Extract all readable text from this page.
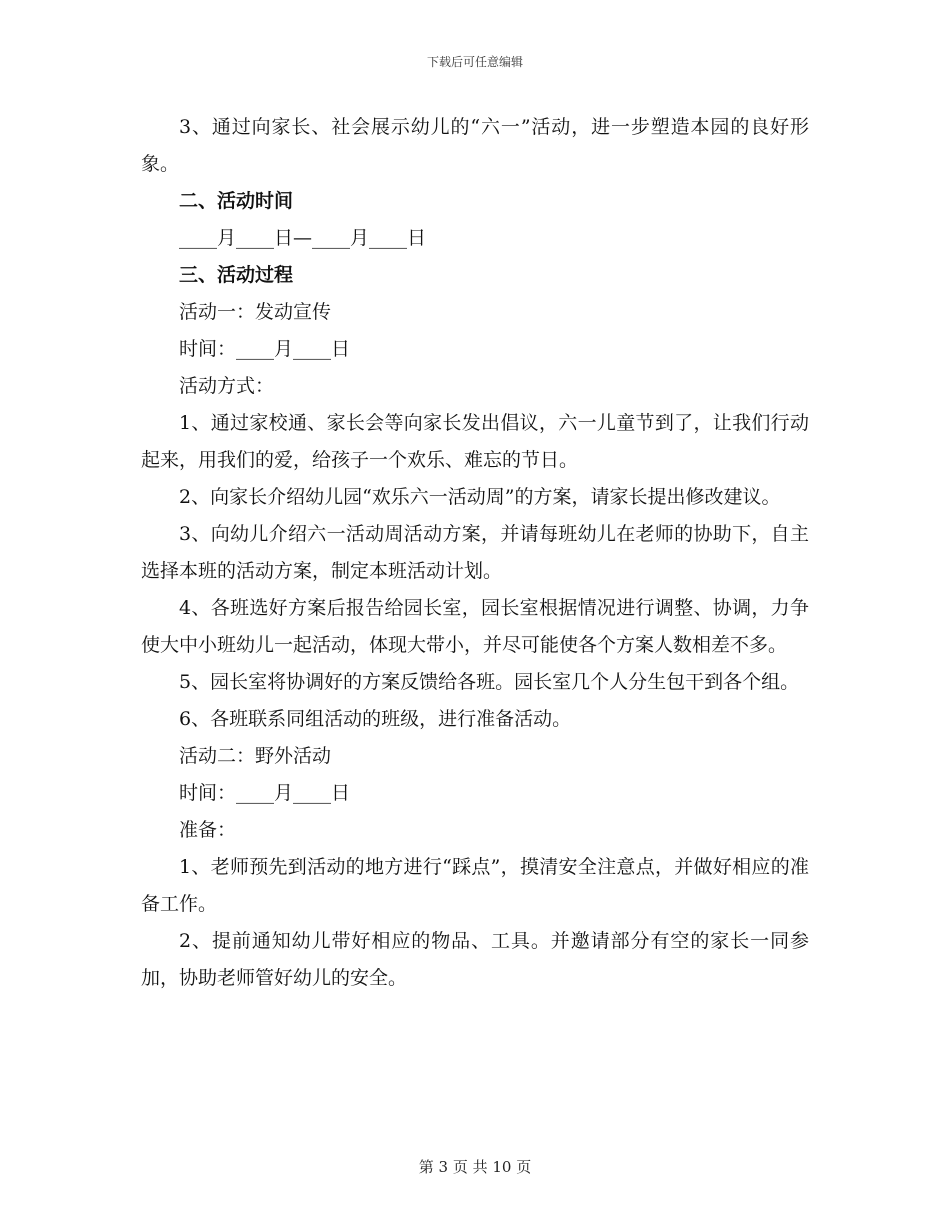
下载后可任意编辑

3、通过向家长、社会展示幼儿的“六一”活动，进一步塑造本园的良好形象。

二、活动时间

____月____日—____月____日

三、活动过程

活动一：发动宣传

时间：____月____日

活动方式：

1、通过家校通、家长会等向家长发出倡议，六一儿童节到了，让我们行动起来，用我们的爱，给孩子一个欢乐、难忘的节日。

2、向家长介绍幼儿园“欢乐六一活动周”的方案，请家长提出修改建议。

3、向幼儿介绍六一活动周活动方案，并请每班幼儿在老师的协助下，自主选择本班的活动方案，制定本班活动计划。

4、各班选好方案后报告给园长室，园长室根据情况进行调整、协调，力争使大中小班幼儿一起活动，体现大带小，并尽可能使各个方案人数相差不多。

5、园长室将协调好的方案反馈给各班。园长室几个人分生包干到各个组。

6、各班联系同组活动的班级，进行准备活动。

活动二：野外活动

时间：____月____日

准备：

1、老师预先到活动的地方进行“踩点”，摸清安全注意点，并做好相应的准备工作。

2、提前通知幼儿带好相应的物品、工具。并邀请部分有空的家长一同参加，协助老师管好幼儿的安全。

第 3 页 共 10 页
